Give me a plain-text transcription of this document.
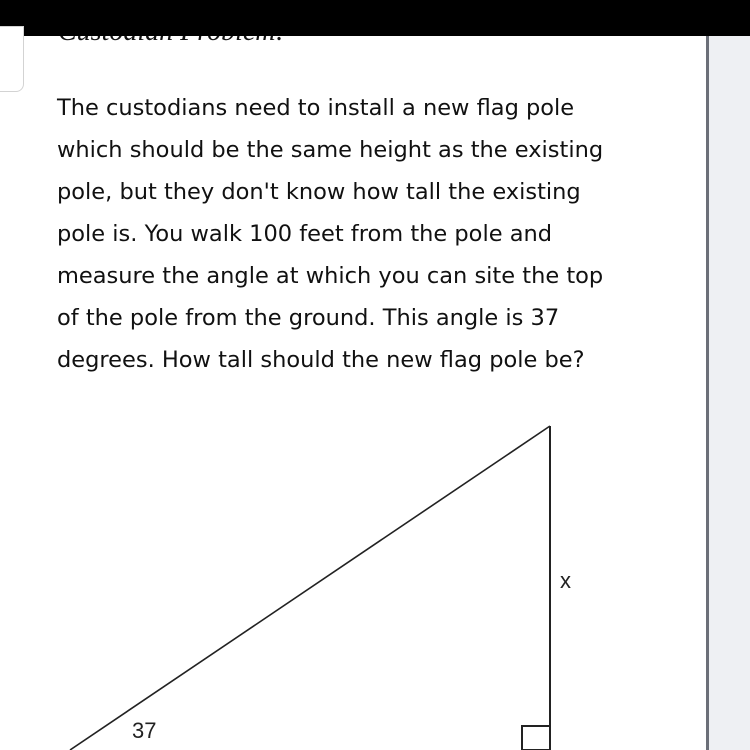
The custodians need to install a new flag pole
which should be the same height as the existing
pole, but they don't know how tall the existing
pole is. You walk 100 feet from the pole and
measure the angle at which you can site the top
of the pole from the ground. This angle is 37
degrees. How tall should the new flag pole be?
37
x
